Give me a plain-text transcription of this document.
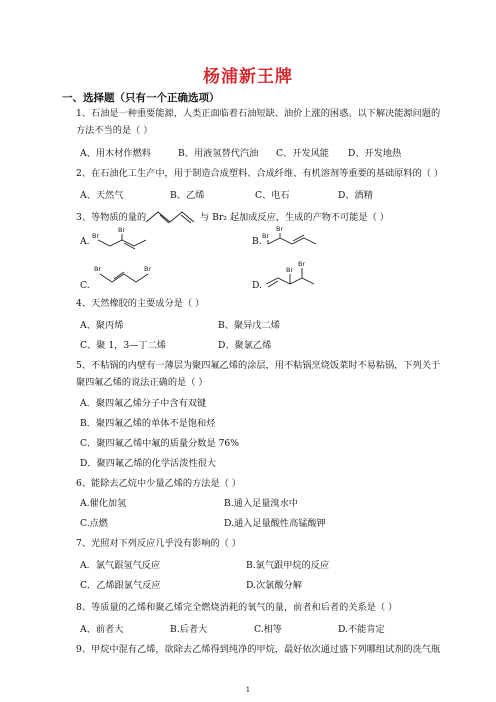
杨浦新王牌
一、选择题（只有一个正确选项）
1、石油是一种重要能源，人类正面临着石油短缺、油价上涨的困惑。以下解决能源问题的
方法不当的是（ ）
A、用木材作燃料	B、用液氢替代汽油 C、开发风能 D、开发地热
2、在石油化工生产中，用于制造合成塑料、合成纤维、有机溶剂等重要的基础原料的（ ）
A、天然气	B、乙烯	C、电石	D、酒精
3、等物质的量的	与 Br₂ 起加成反应，生成的产物不可能是（ ）
A. Br
Br
B. Br
Br
C.
Br	Br
D.
Br
Br
4、天然橡胶的主要成分是（ ）
A、聚丙烯	B、聚异戊二烯
C、聚 1，3—丁二烯	D、聚氯乙烯
5、不粘锅的内壁有一薄层为聚四氟乙烯的涂层，用不粘锅烹烧饭菜时不易粘锅，下列关于
聚四氟乙烯的说法正确的是（ ）
A．聚四氟乙烯分子中含有双键
B．聚四氟乙烯的单体不是饱和烃
C．聚四氟乙烯中氟的质量分数是 76%
D．聚四氟乙烯的化学活泼性很大
6、能除去乙烷中少量乙烯的方法是（ ）
A.催化加氢	B.通入足量溴水中
C.点燃	D.通入足量酸性高锰酸钾
7、光照对下列反应几乎没有影响的（ ）
A．氯气跟氢气反应	B.氯气跟甲烷的反应
C．乙烯跟氯气反应	D.次氯酸分解
8、等质量的乙烯和聚乙烯完全燃烧消耗的氧气的量，前者和后者的关系是（ ）
A、前者大	B.后者大	C.相等	D.不能肯定
9、甲烷中混有乙烯，欲除去乙烯得到纯净的甲烷，最好依次通过盛下列哪组试剂的洗气瓶
1
